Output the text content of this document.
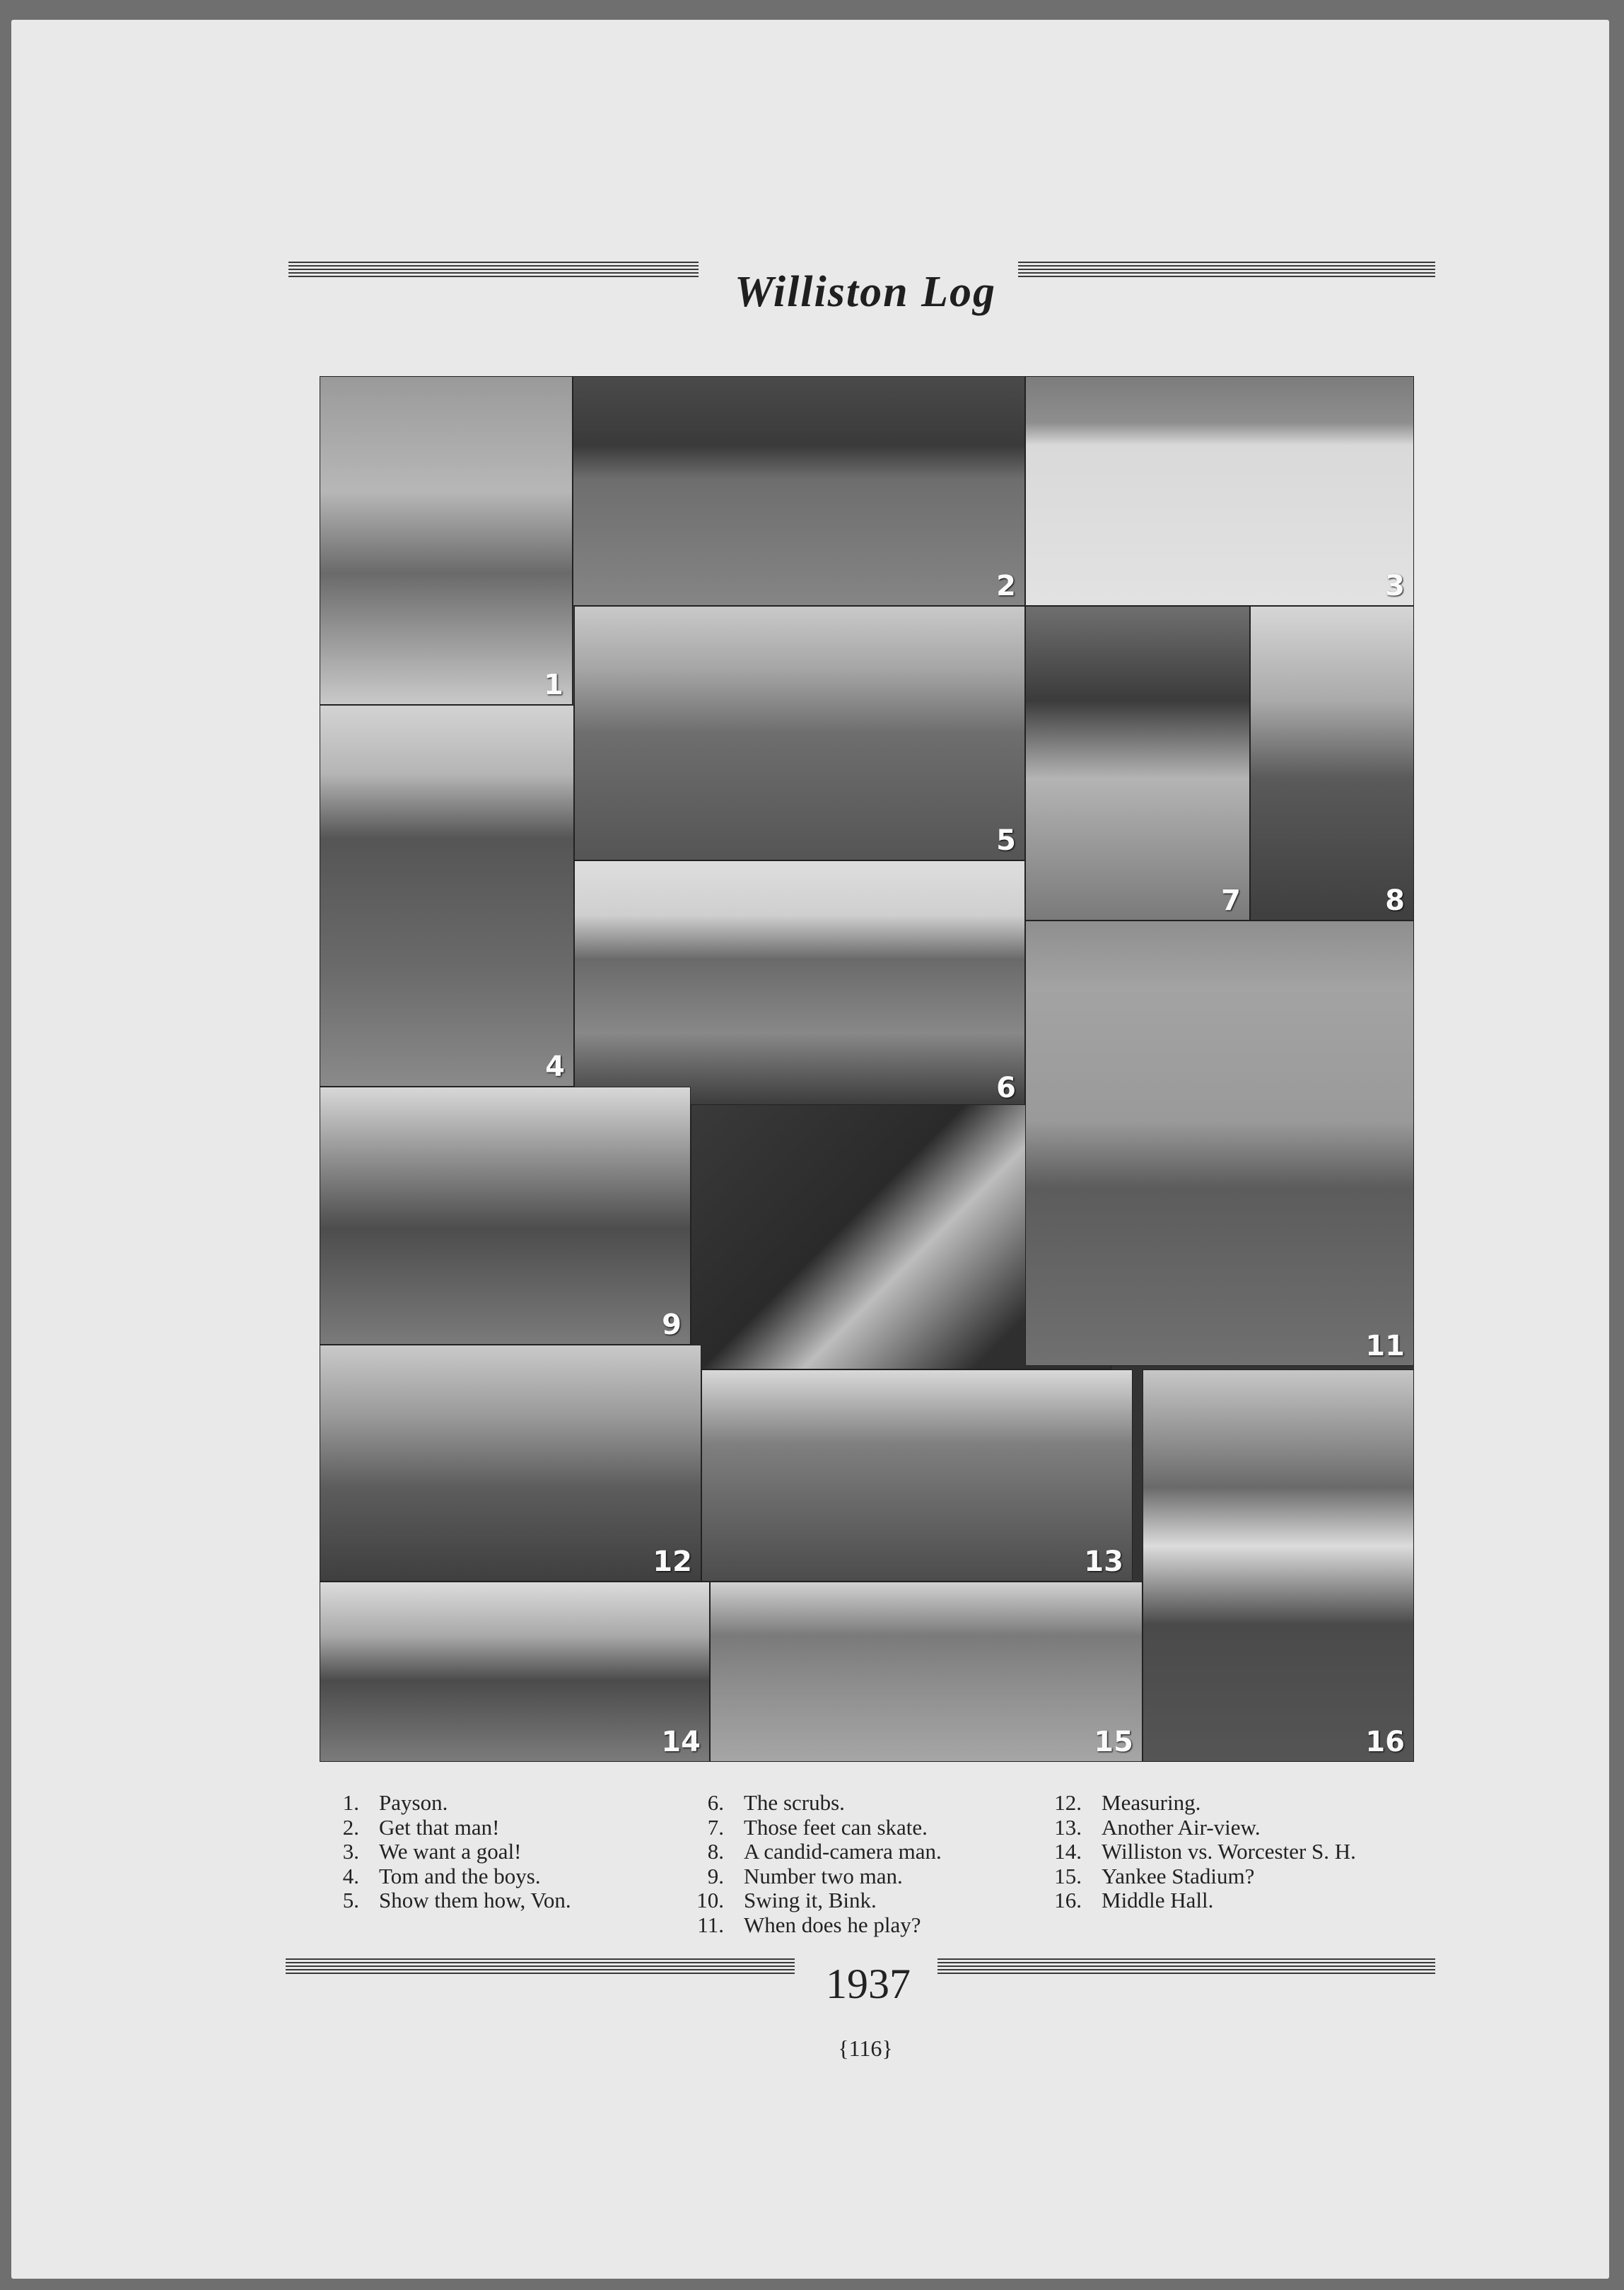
Williston Log
1
2	3
4
5
6
7	8
9
11
12	13
14	15	16
1. Payson.
2. Get that man!
3. We want a goal!
4. Tom and the boys.
5. Show them how, Von.
6. The scrubs.
7. Those feet can skate.
8. A candid-camera man.
9. Number two man.
10. Swing it, Bink.
11. When does he play?
12. Measuring.
13. Another Air-view.
14. Williston vs. Worcester S. H.
15. Yankee Stadium?
16. Middle Hall.
1937
{116}
